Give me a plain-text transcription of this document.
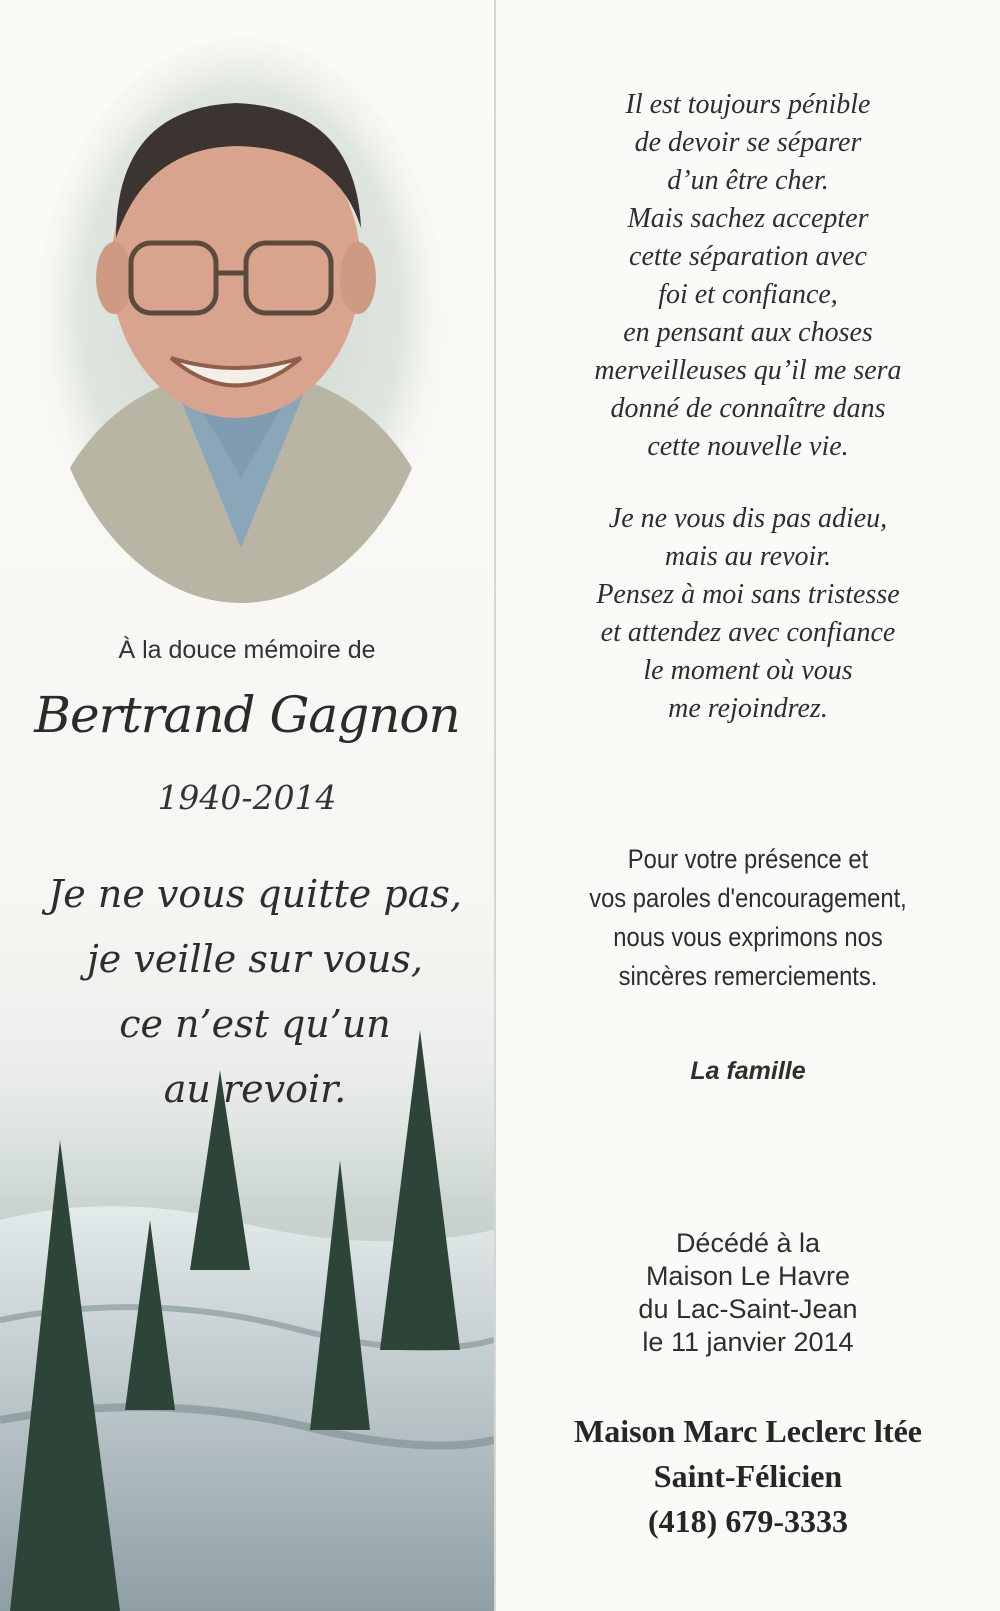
À la douce mémoire de
Bertrand Gagnon
1940-2014
Je ne vous quitte pas,
je veille sur vous,
ce n’est qu’un
au revoir.
Il est toujours pénible
de devoir se séparer
d’un être cher.
Mais sachez accepter
cette séparation avec
foi et confiance,
en pensant aux choses
merveilleuses qu’il me sera
donné de connaître dans
cette nouvelle vie.
Je ne vous dis pas adieu,
mais au revoir.
Pensez à moi sans tristesse
et attendez avec confiance
le moment où vous
me rejoindrez.
Pour votre présence et
vos paroles d'encouragement,
nous vous exprimons nos
sincères remerciements.
La famille
Décédé à la
Maison Le Havre
du Lac-Saint-Jean
le 11 janvier 2014
Maison Marc Leclerc ltée
Saint-Félicien
(418) 679-3333
